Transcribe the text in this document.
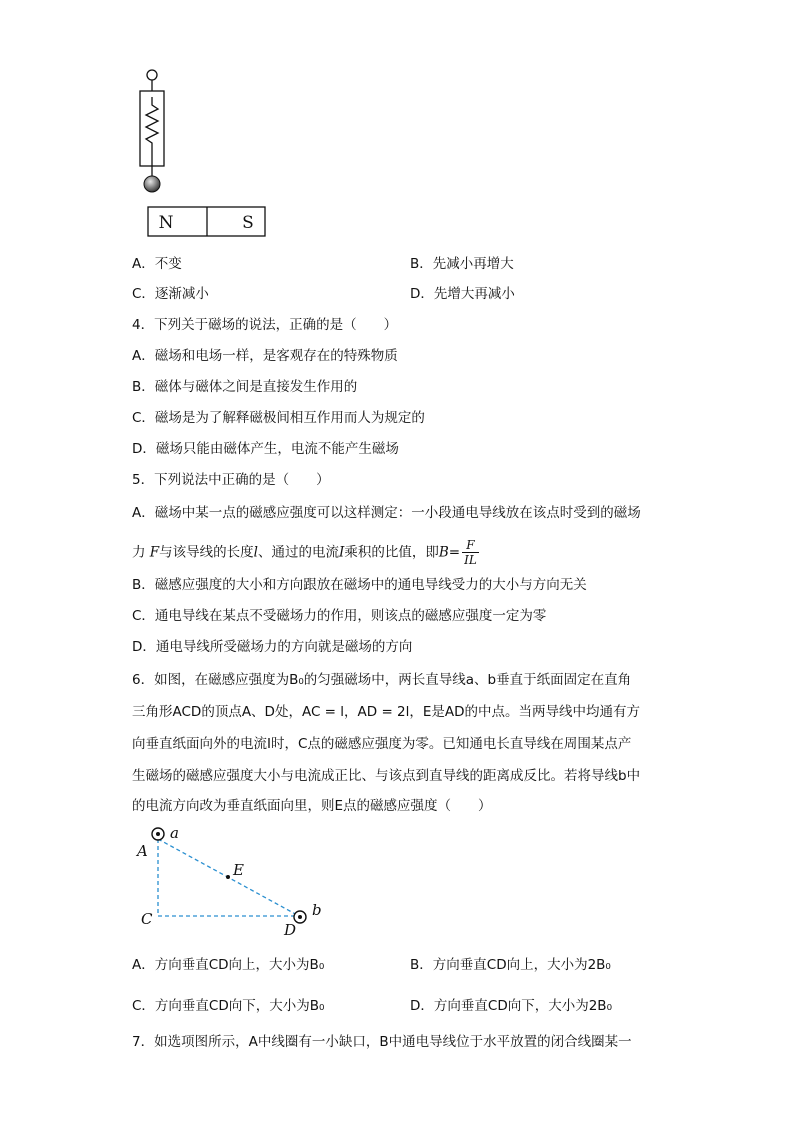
N	S
A．不变	B．先减小再增大
C．逐渐减小	D．先增大再减小
4．下列关于磁场的说法，正确的是（　　）
A．磁场和电场一样，是客观存在的特殊物质
B．磁体与磁体之间是直接发生作用的
C．磁场是为了解释磁极间相互作用而人为规定的
D．磁场只能由磁体产生，电流不能产生磁场
5．下列说法中正确的是（　　）
A．磁场中某一点的磁感应强度可以这样测定：一小段通电导线放在该点时受到的磁场
力 F与该导线的长度l、通过的电流I乘积的比值，即$B= \frac{F}{IL}$
B．磁感应强度的大小和方向跟放在磁场中的通电导线受力的大小与方向无关
C．通电导线在某点不受磁场力的作用，则该点的磁感应强度一定为零
D．通电导线所受磁场力的方向就是磁场的方向
6．如图，在磁感应强度为B₀的匀强磁场中，两长直导线a、b垂直于纸面固定在直角
三角形ACD的顶点A、D处，AC = l，AD = 2l，E是AD的中点。当两导线中均通有方
向垂直纸面向外的电流I时，C点的磁感应强度为零。已知通电长直导线在周围某点产
生磁场的磁感应强度大小与电流成正比、与该点到直导线的距离成反比。若将导线b中
的电流方向改为垂直纸面向里，则E点的磁感应强度（　　）
a
A
E
b
C
D
A．方向垂直CD向上，大小为B₀	B．方向垂直CD向上，大小为2B₀
C．方向垂直CD向下，大小为B₀	D．方向垂直CD向下，大小为2B₀
7．如选项图所示，A中线圈有一小缺口，B中通电导线位于水平放置的闭合线圈某一
